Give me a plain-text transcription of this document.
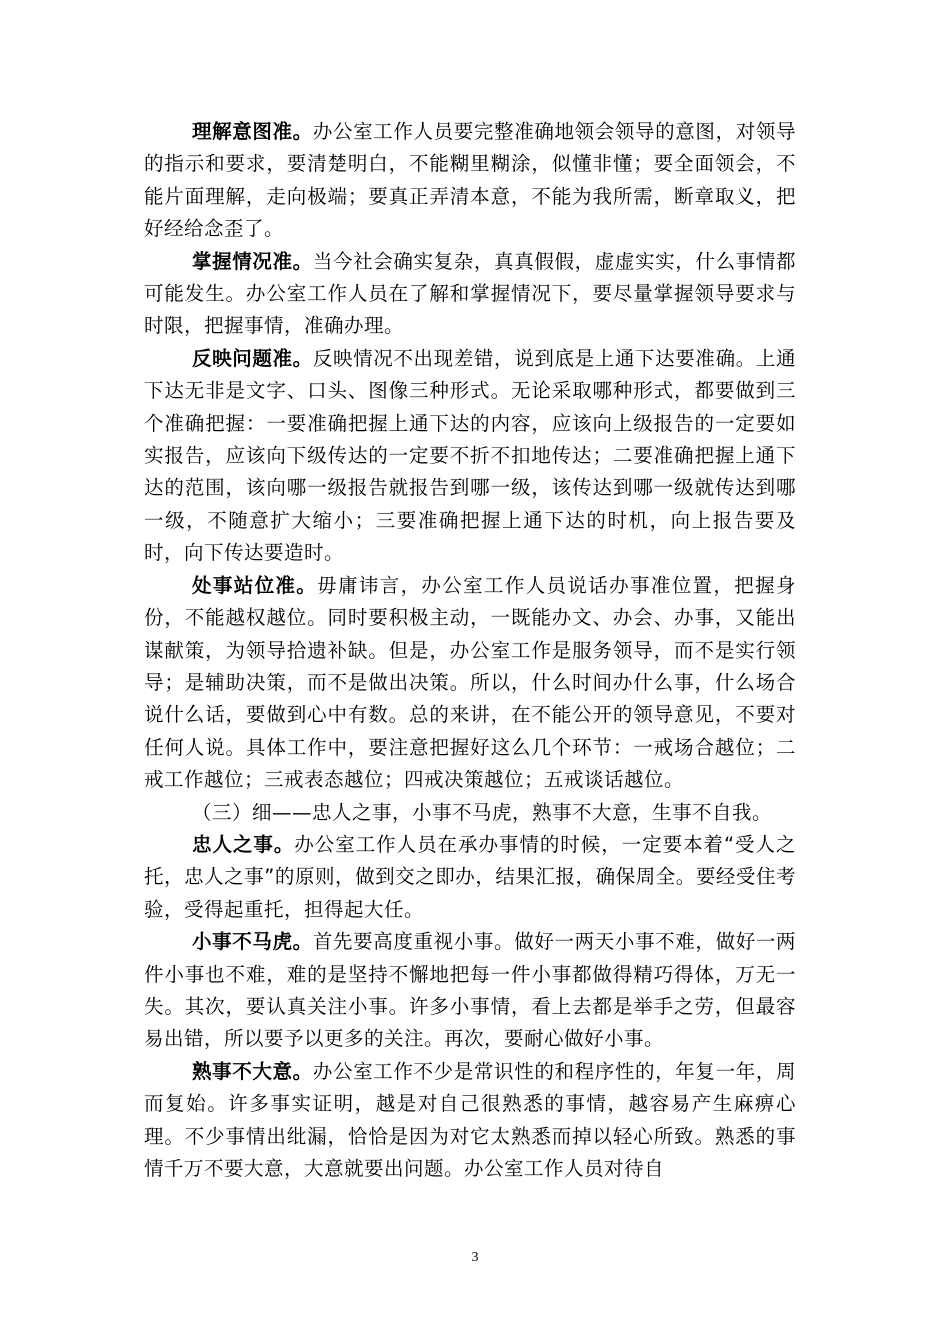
理解意图准。办公室工作人员要完整准确地领会领导的意图，对领导的指示和要求，要清楚明白，不能糊里糊涂，似懂非懂；要全面领会，不能片面理解，走向极端；要真正弄清本意，不能为我所需，断章取义，把好经给念歪了。

掌握情况准。当今社会确实复杂，真真假假，虚虚实实，什么事情都可能发生。办公室工作人员在了解和掌握情况下，要尽量掌握领导要求与时限，把握事情，准确办理。

反映问题准。反映情况不出现差错，说到底是上通下达要准确。上通下达无非是文字、口头、图像三种形式。无论采取哪种形式，都要做到三个准确把握：一要准确把握上通下达的内容，应该向上级报告的一定要如实报告，应该向下级传达的一定要不折不扣地传达；二要准确把握上通下达的范围，该向哪一级报告就报告到哪一级，该传达到哪一级就传达到哪一级，不随意扩大缩小；三要准确把握上通下达的时机，向上报告要及时，向下传达要造时。

处事站位准。毋庸讳言，办公室工作人员说话办事准位置，把握身份，不能越权越位。同时要积极主动，一既能办文、办会、办事，又能出谋献策，为领导拾遗补缺。但是，办公室工作是服务领导，而不是实行领导；是辅助决策，而不是做出决策。所以，什么时间办什么事，什么场合说什么话，要做到心中有数。总的来讲，在不能公开的领导意见，不要对任何人说。具体工作中，要注意把握好这么几个环节：一戒场合越位；二戒工作越位；三戒表态越位；四戒决策越位；五戒谈话越位。

（三）细——忠人之事，小事不马虎，熟事不大意，生事不自我。

忠人之事。办公室工作人员在承办事情的时候，一定要本着“受人之托，忠人之事”的原则，做到交之即办，结果汇报，确保周全。要经受住考验，受得起重托，担得起大任。

小事不马虎。首先要高度重视小事。做好一两天小事不难，做好一两件小事也不难，难的是坚持不懈地把每一件小事都做得精巧得体，万无一失。其次，要认真关注小事。许多小事情，看上去都是举手之劳，但最容易出错，所以要予以更多的关注。再次，要耐心做好小事。

熟事不大意。办公室工作不少是常识性的和程序性的，年复一年，周而复始。许多事实证明，越是对自己很熟悉的事情，越容易产生麻痹心理。不少事情出纰漏，恰恰是因为对它太熟悉而掉以轻心所致。熟悉的事情千万不要大意，大意就要出问题。办公室工作人员对待自

3
